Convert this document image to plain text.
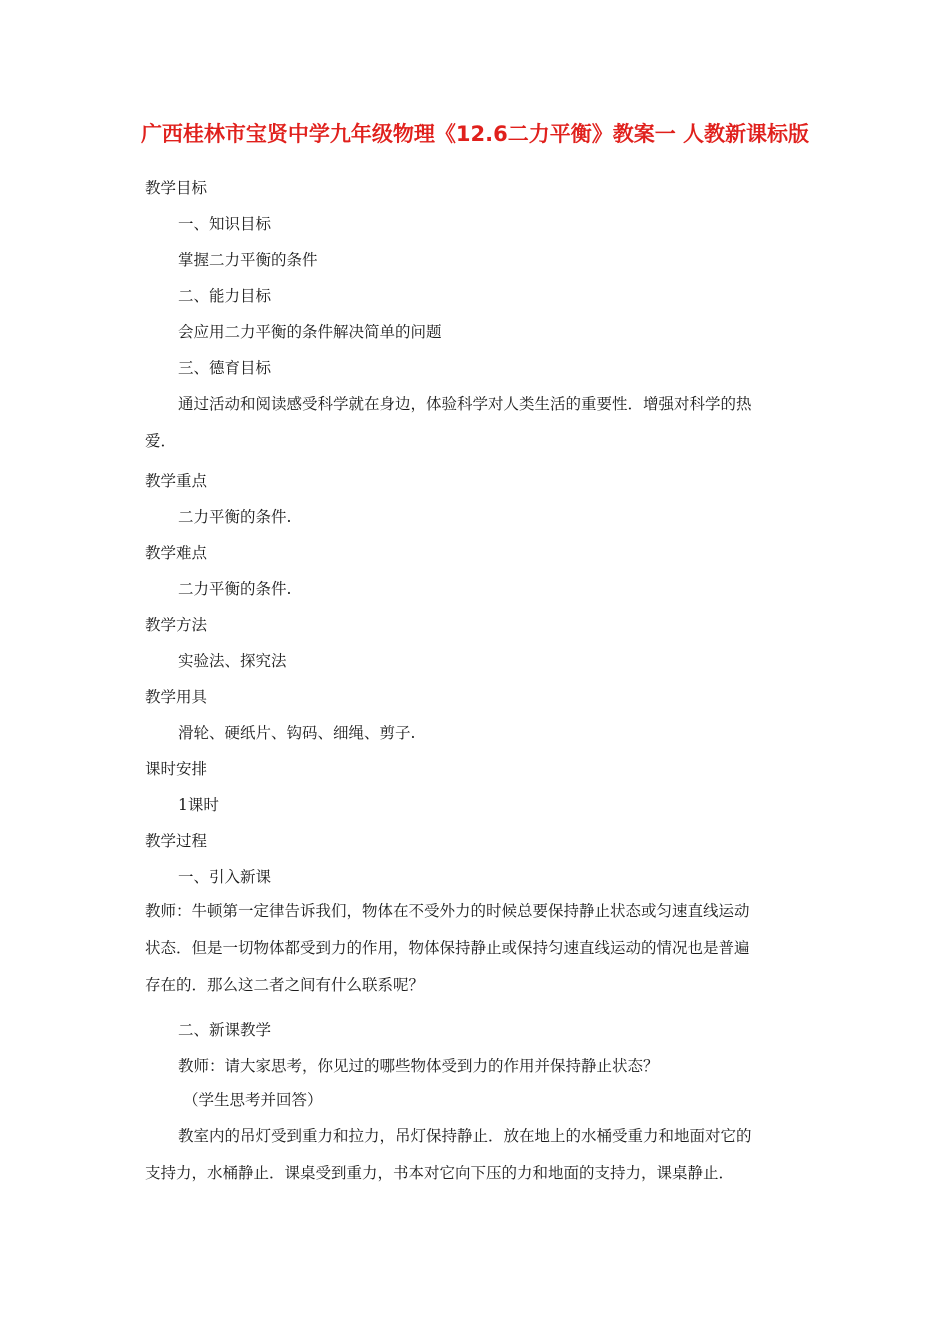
广西桂林市宝贤中学九年级物理《12.6二力平衡》教案一 人教新课标版

教学目标

一、知识目标

掌握二力平衡的条件

二、能力目标

会应用二力平衡的条件解决简单的问题

三、德育目标

通过活动和阅读感受科学就在身边，体验科学对人类生活的重要性．增强对科学的热
爱．

教学重点

二力平衡的条件.

教学难点

二力平衡的条件.

教学方法

实验法、探究法

教学用具

滑轮、硬纸片、钩码、细绳、剪子.

课时安排

1课时

教学过程

一、引入新课

教师：牛顿第一定律告诉我们，物体在不受外力的时候总要保持静止状态或匀速直线运动
状态．但是一切物体都受到力的作用，物体保持静止或保持匀速直线运动的情况也是普遍
存在的．那么这二者之间有什么联系呢？

二、新课教学

教师：请大家思考，你见过的哪些物体受到力的作用并保持静止状态？

（学生思考并回答）

教室内的吊灯受到重力和拉力，吊灯保持静止．放在地上的水桶受重力和地面对它的
支持力，水桶静止．课桌受到重力，书本对它向下压的力和地面的支持力，课桌静止．
